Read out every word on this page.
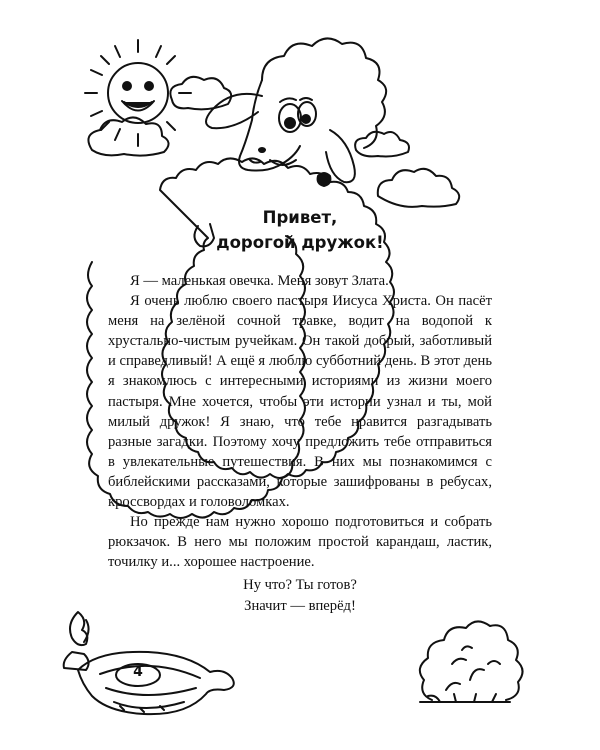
Привет,
дорогой дружок!

Я — маленькая овечка. Меня зовут Злата.

Я очень люблю своего пастыря Иисуса Христа. Он пасёт меня на зелёной сочной травке, водит на водопой к хрустально-чистым ручейкам. Он такой добрый, заботливый и справедливый! А ещё я люблю субботний день. В этот день я знакомлюсь с интересными историями из жизни моего пастыря. Мне хочется, чтобы эти истории узнал и ты, мой милый дружок! Я знаю, что тебе нравится разгадывать разные загадки. Поэтому хочу предложить тебе отправиться в увлекательные путешествия. В них мы познакомимся с библейскими рассказами, которые зашифрованы в ребусах, кроссвордах и головоломках.

Но прежде нам нужно хорошо подготовиться и собрать рюкзачок. В него мы положим простой карандаш, ластик, точилку и... хорошее настроение.

Ну что? Ты готов?
Значит — вперёд!
4
